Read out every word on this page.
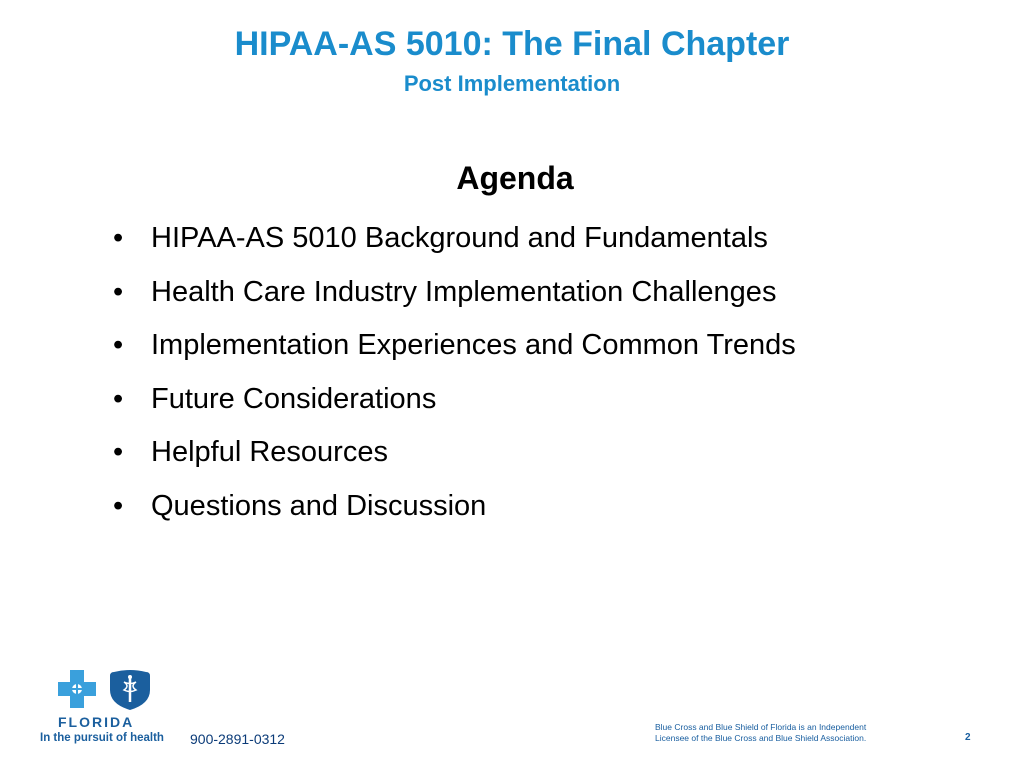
HIPAA-AS 5010: The Final Chapter
Post Implementation
Agenda
• HIPAA-AS 5010 Background and Fundamentals
• Health Care Industry Implementation Challenges
• Implementation Experiences and Common Trends
• Future Considerations
• Helpful Resources
• Questions and Discussion
FLORIDA
In the pursuit of health 900-2891-0312
Blue Cross and Blue Shield of Florida is an Independent
Licensee of the Blue Cross and Blue Shield Association.	2
